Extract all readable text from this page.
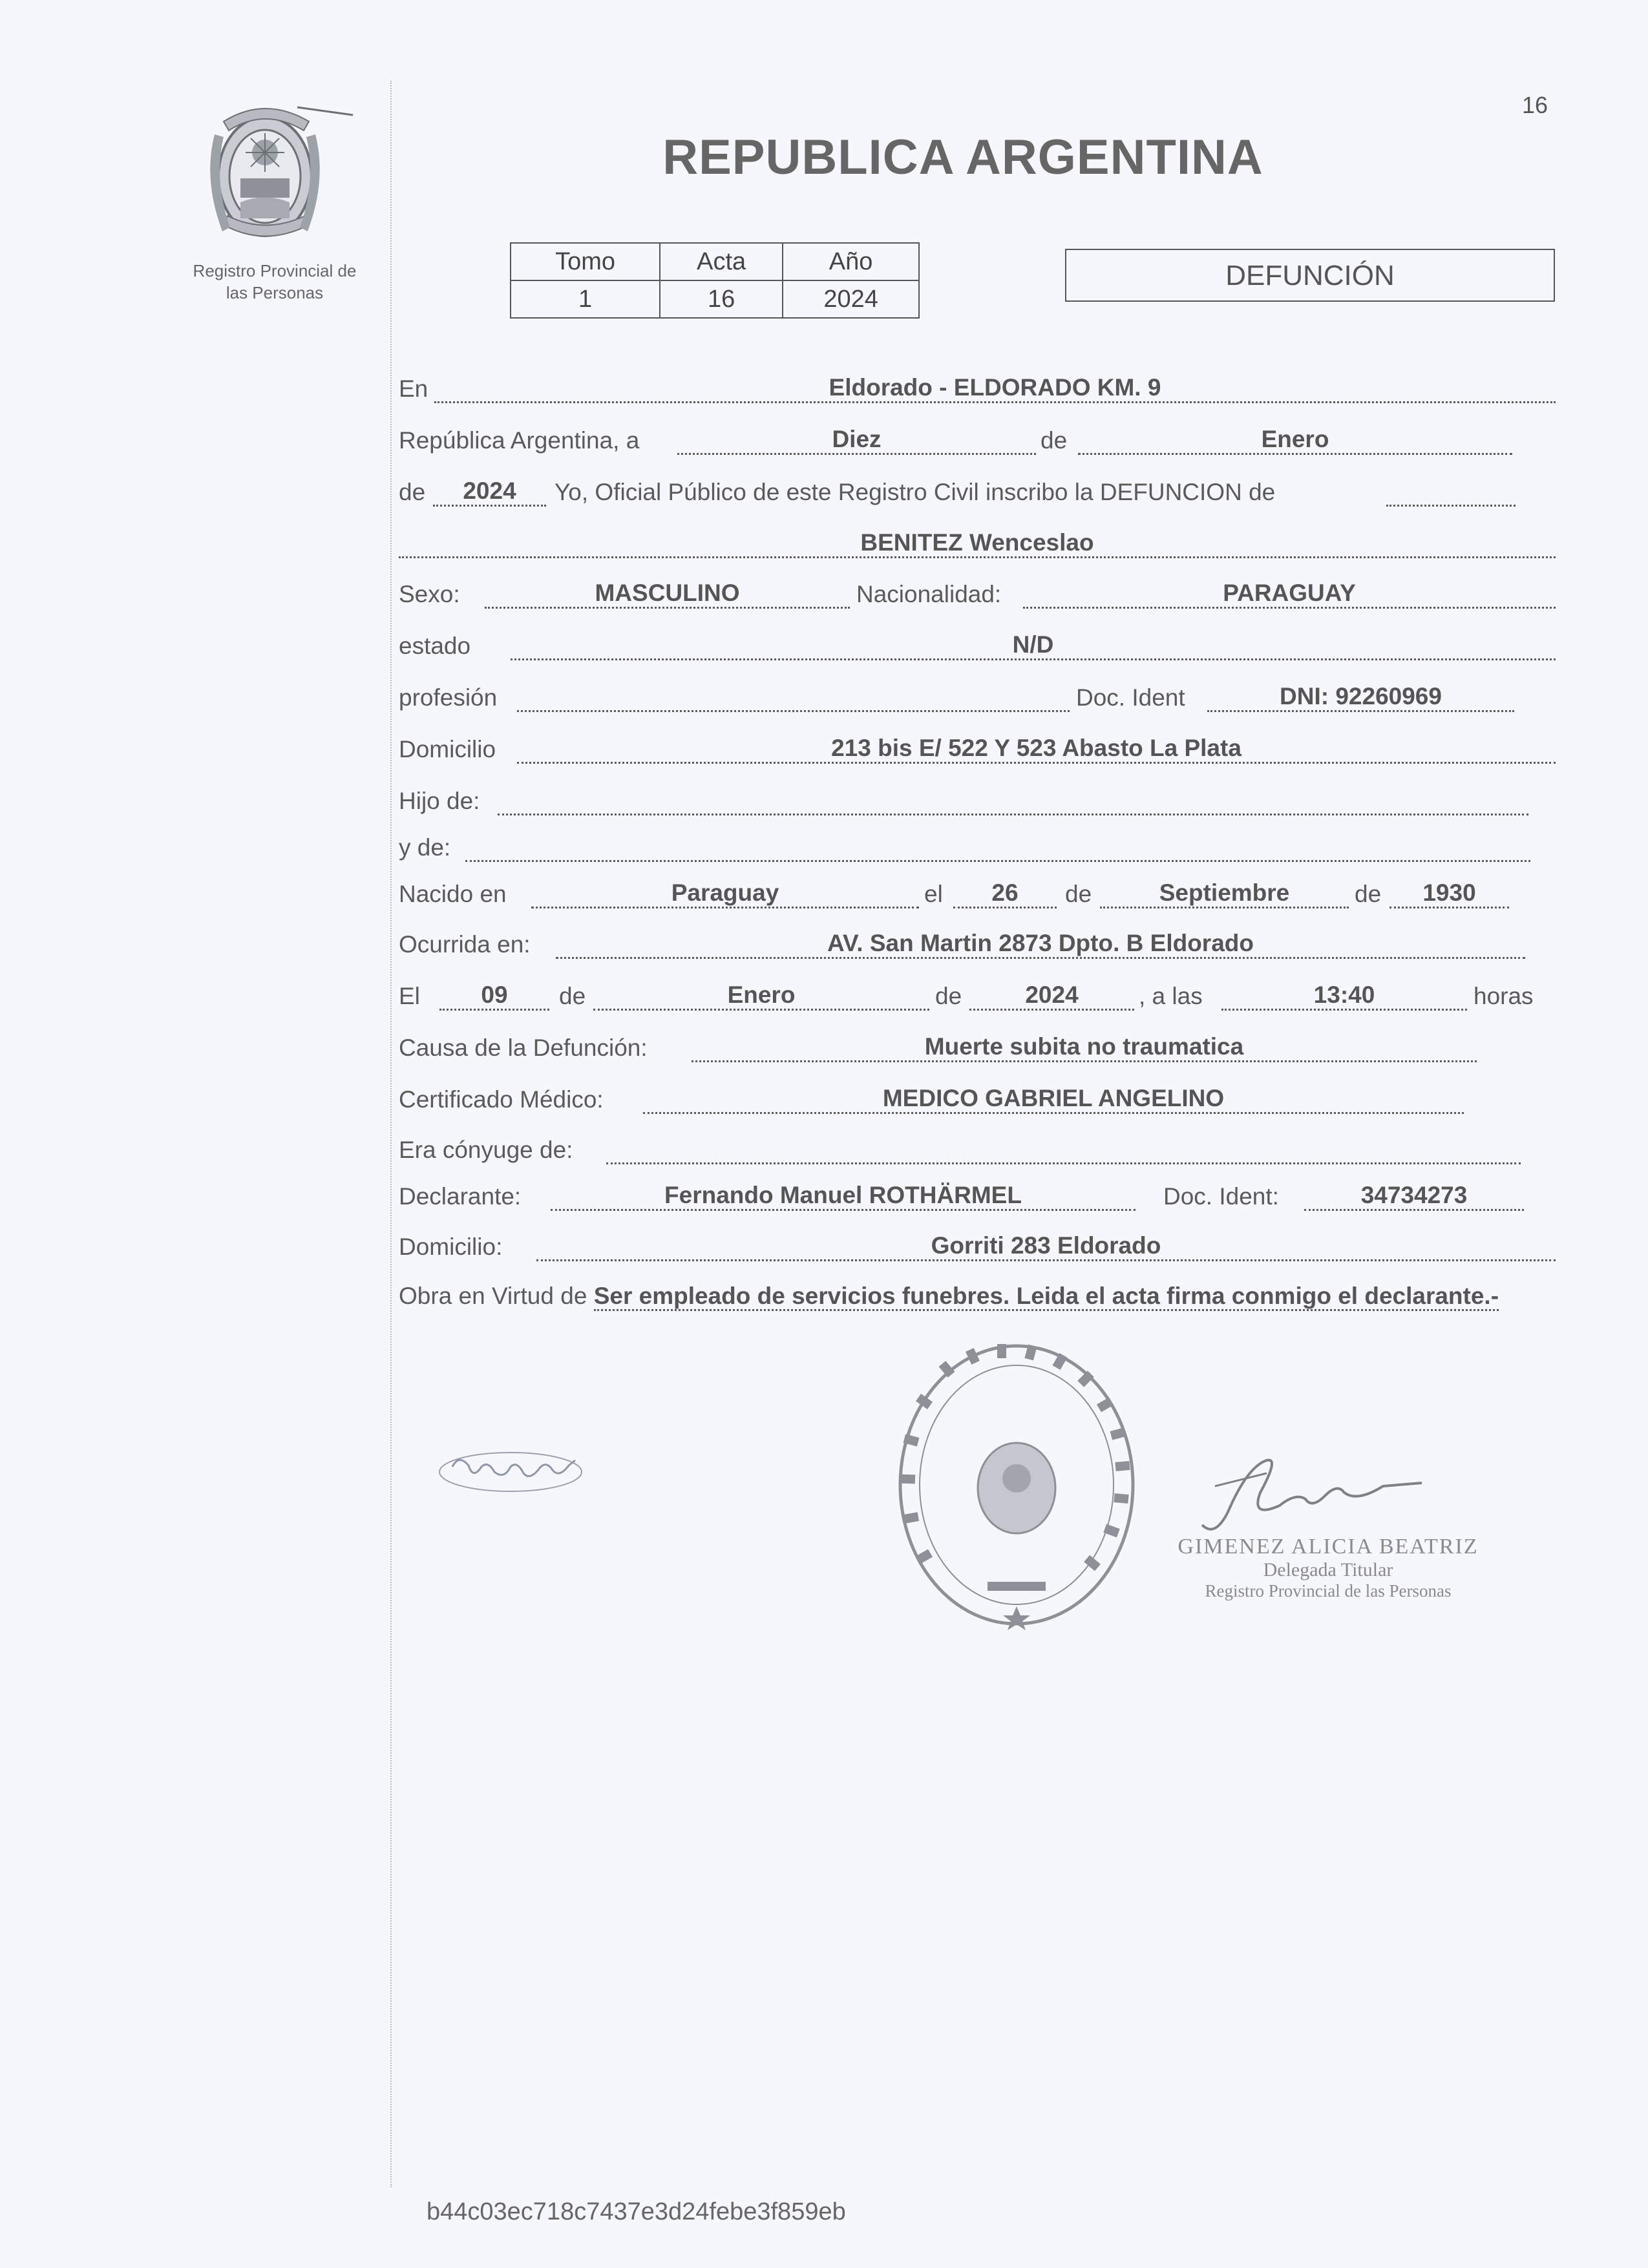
16
Registro Provincial de
las Personas
REPUBLICA ARGENTINA
Tomo	Acta	Año
1	16	2024
DEFUNCIÓN
En	Eldorado - ELDORADO KM. 9
República Argentina, a	Diez	de	Enero
de	2024	Yo, Oficial Público de este Registro Civil inscribo la DEFUNCION de
BENITEZ Wenceslao
Sexo:	MASCULINO	Nacionalidad:	PARAGUAY
estado	N/D
profesión	Doc. Ident	DNI: 92260969
Domicilio	213 bis E/ 522 Y 523 Abasto La Plata
Hijo de:
y de:
Nacido en	Paraguay	el	26	de	Septiembre	de	1930
Ocurrida en:	AV. San Martin 2873 Dpto. B Eldorado
El	09	de	Enero	de	2024	, a las	13:40	horas
Causa de la Defunción:	Muerte subita no traumatica
Certificado Médico:	MEDICO GABRIEL ANGELINO
Era cónyuge de:
Declarante:	Fernando Manuel ROTHÄRMEL	Doc. Ident:	34734273
Domicilio:	Gorriti 283 Eldorado
Obra en Virtud de Ser empleado de servicios funebres. Leida el acta firma conmigo el declarante.-
GIMENEZ ALICIA BEATRIZ
Delegada Titular
Registro Provincial de las Personas
b44c03ec718c7437e3d24febe3f859eb
